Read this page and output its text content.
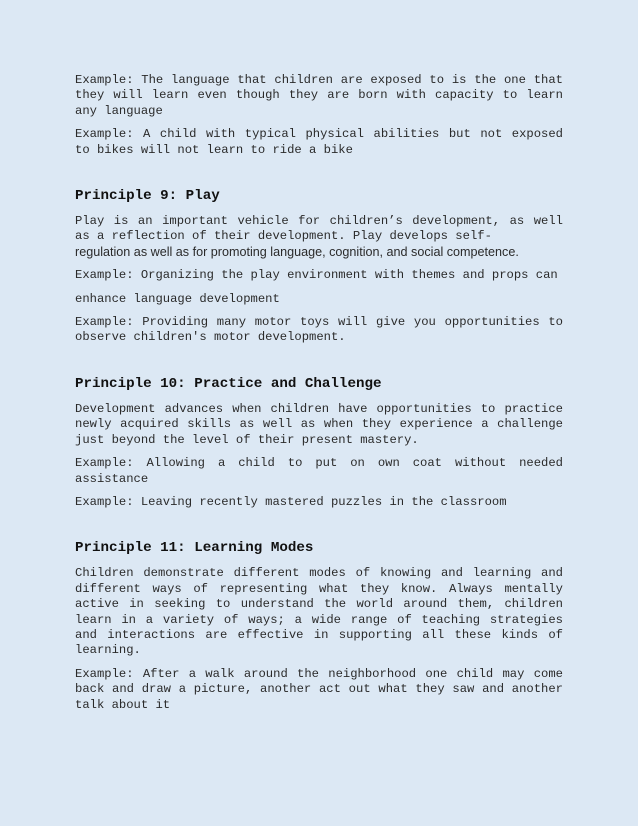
Example: The language that children are exposed to is the one that they will learn even though they are born with capacity to learn any language

Example: A child with typical physical abilities but not exposed to bikes will not learn to ride a bike

Principle 9: Play

Play is an important vehicle for children’s development, as well as a reflection of their development. Play develops self-

regulation as well as for promoting language, cognition, and social competence.

Example: Organizing the play environment with themes and props can

enhance language development

Example: Providing many motor toys will give you opportunities to observe children's motor development.

Principle 10: Practice and Challenge

Development advances when children have opportunities to practice newly acquired skills as well as when they experience a challenge just beyond the level of their present mastery.

Example: Allowing a child to put on own coat without needed assistance

Example: Leaving recently mastered puzzles in the classroom

Principle 11: Learning Modes

Children demonstrate different modes of knowing and learning and different ways of representing what they know. Always mentally active in seeking to understand the world around them, children learn in a variety of ways; a wide range of teaching strategies and interactions are effective in supporting all these kinds of learning.

Example: After a walk around the neighborhood one child may come back and draw a picture, another act out what they saw and another talk about it
